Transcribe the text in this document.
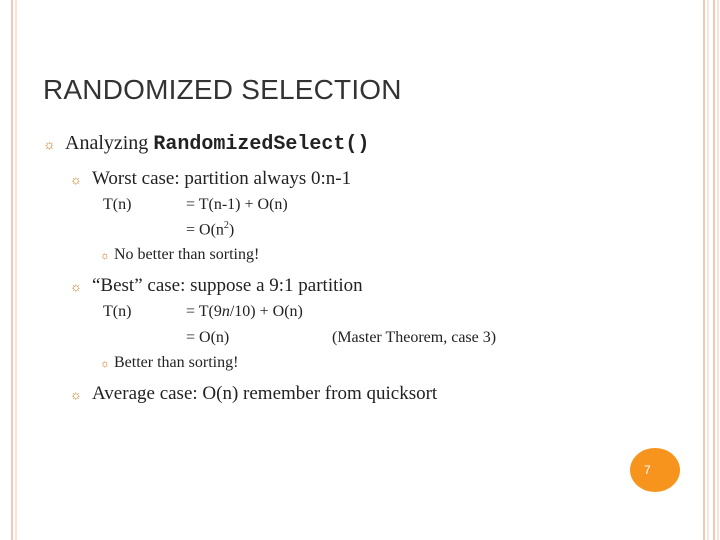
RANDOMIZED SELECTION
☼ Analyzing
RandomizedSelect()
☼ Worst case: partition always 0:n-1
T(n)	= T(n-1) + O(n)
= $O(n^2)$
☼ No better than sorting!
☼ “Best” case: suppose a 9:1 partition
T(n)	= T(9n/10) + O(n)
= O(n)	(Master Theorem, case 3)
☼ Better than sorting!
☼ Average case: O(n) remember from quicksort
7
